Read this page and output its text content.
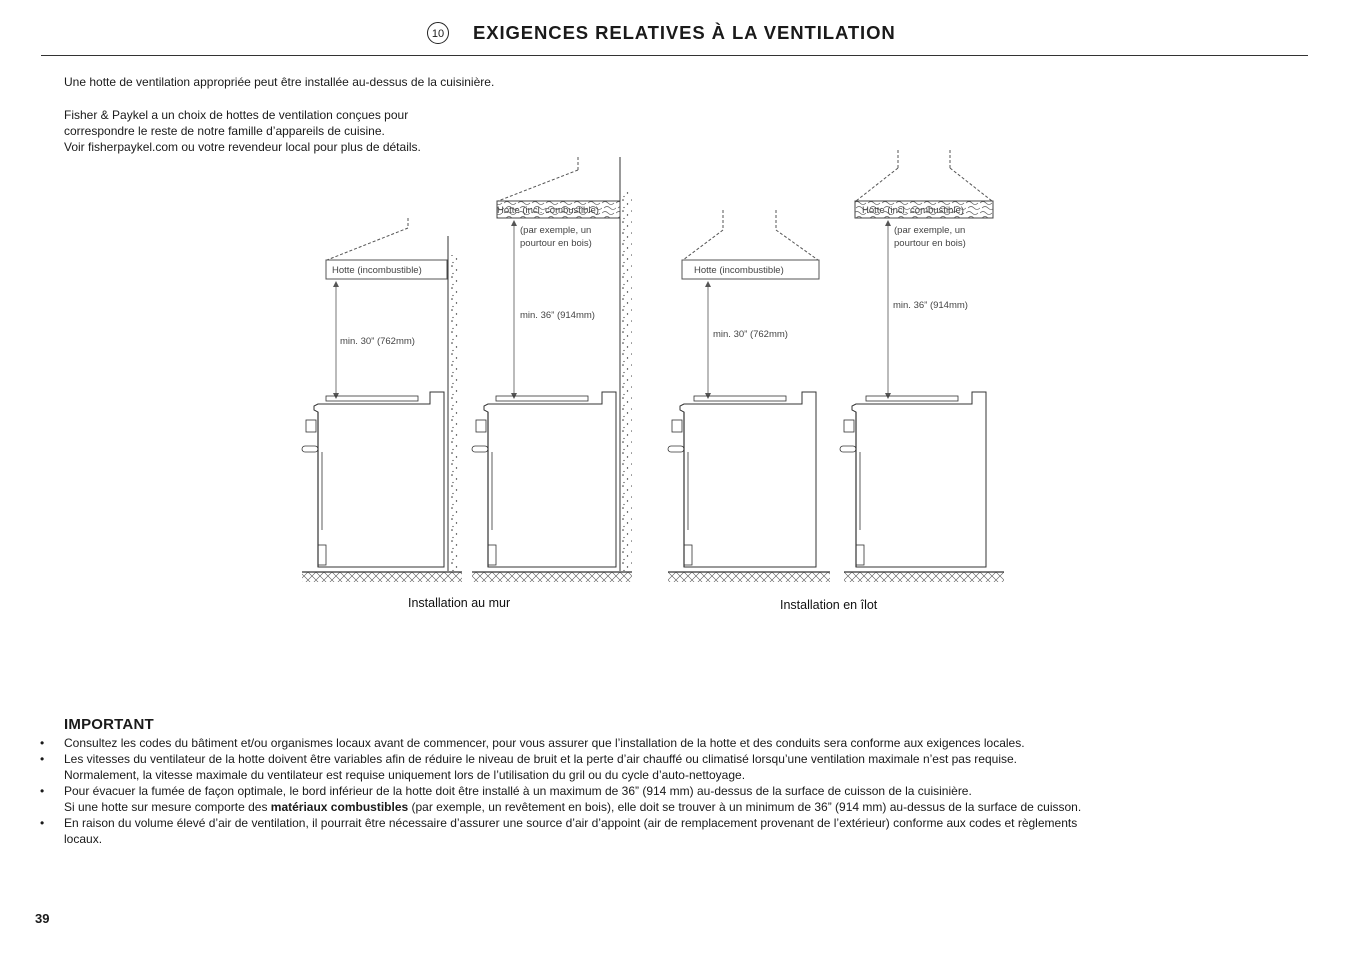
10 EXIGENCES RELATIVES À LA VENTILATION
Une hotte de ventilation appropriée peut être installée au-dessus de la cuisinière.
Fisher & Paykel a un choix de hottes de ventilation conçues pour
correspondre le reste de notre famille d’appareils de cuisine.
Voir fisherpaykel.com ou votre revendeur local pour plus de détails.
Hotte (incombustible)
min. 30” (762mm)
Hotte (incl. combustible)
(par exemple, un
pourtour en bois)
min. 36” (914mm)
Hotte (incombustible)
min. 30” (762mm)
Hotte (incl. combustible)
(par exemple, un
pourtour en bois)
min. 36” (914mm)
Installation au mur	Installation en îlot
IMPORTANT
• Consultez les codes du bâtiment et/ou organismes locaux avant de commencer, pour vous assurer que l’installation de la hotte et des conduits sera conforme aux exigences locales.
• Les vitesses du ventilateur de la hotte doivent être variables afin de réduire le niveau de bruit et la perte d’air chauffé ou climatisé lorsqu’une ventilation maximale n’est pas requise.
Normalement, la vitesse maximale du ventilateur est requise uniquement lors de l’utilisation du gril ou du cycle d’auto-nettoyage.
• Pour évacuer la fumée de façon optimale, le bord inférieur de la hotte doit être installé à un maximum de 36” (914 mm) au-dessus de la surface de cuisson de la cuisinière.
Si une hotte sur mesure comporte des matériaux combustibles (par exemple, un revêtement en bois), elle doit se trouver à un minimum de 36” (914 mm) au-dessus de la surface de cuisson.
• En raison du volume élevé d’air de ventilation, il pourrait être nécessaire d’assurer une source d’air d’appoint (air de remplacement provenant de l’extérieur) conforme aux codes et règlements
locaux.
39
